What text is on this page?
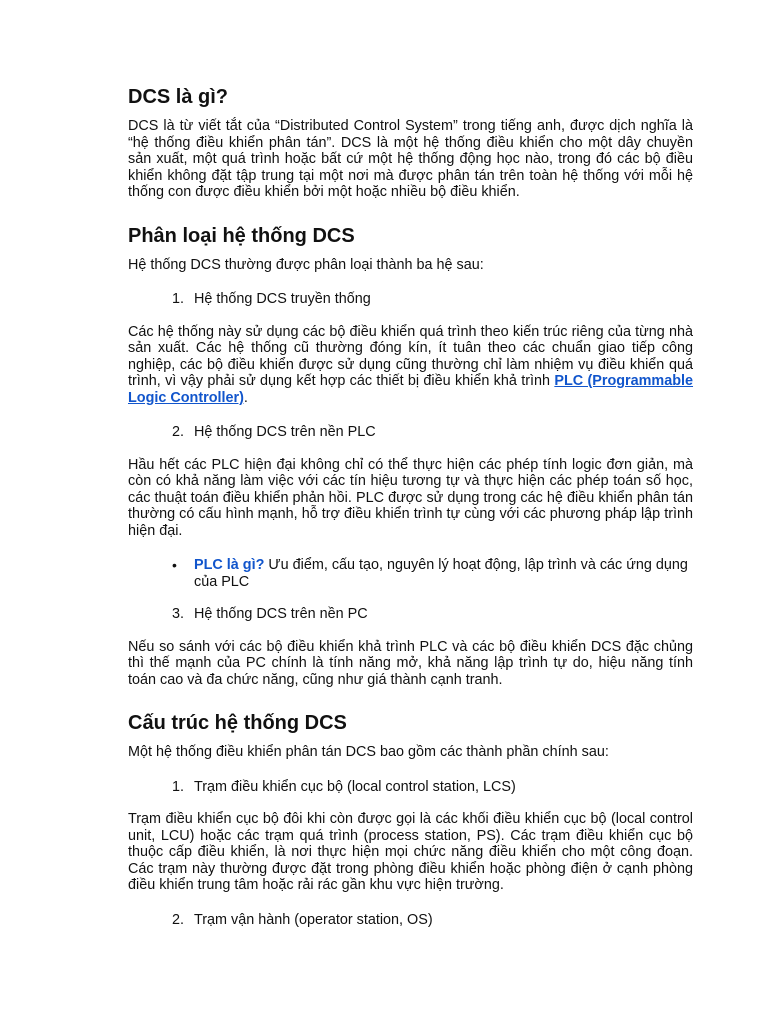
DCS là gì?

DCS là từ viết tắt của “Distributed Control System” trong tiếng anh, được dịch nghĩa là “hệ thống điều khiển phân tán”. DCS là một hệ thống điều khiển cho một dây chuyền sản xuất, một quá trình hoặc bất cứ một hệ thống động học nào, trong đó các bộ điều khiển không đặt tập trung tại một nơi mà được phân tán trên toàn hệ thống với mỗi hệ thống con được điều khiển bởi một hoặc nhiều bộ điều khiển.

Phân loại hệ thống DCS

Hệ thống DCS thường được phân loại thành ba hệ sau:

1. Hệ thống DCS truyền thống

Các hệ thống này sử dụng các bộ điều khiển quá trình theo kiến trúc riêng của từng nhà sản xuất. Các hệ thống cũ thường đóng kín, ít tuân theo các chuẩn giao tiếp công nghiệp, các bộ điều khiển được sử dụng cũng thường chỉ làm nhiệm vụ điều khiển quá trình, vì vậy phải sử dụng kết hợp các thiết bị điều khiển khả trình PLC (Programmable Logic Controller).

2. Hệ thống DCS trên nền PLC

Hầu hết các PLC hiện đại không chỉ có thể thực hiện các phép tính logic đơn giản, mà còn có khả năng làm việc với các tín hiệu tương tự và thực hiện các phép toán số học, các thuật toán điều khiển phản hồi. PLC được sử dụng trong các hệ điều khiển phân tán thường có cấu hình mạnh, hỗ trợ điều khiển trình tự cùng với các phương pháp lập trình hiện đại.

• PLC là gì? Ưu điểm, cấu tạo, nguyên lý hoạt động, lập trình và các ứng dụng của PLC
3. Hệ thống DCS trên nền PC

Nếu so sánh với các bộ điều khiển khả trình PLC và các bộ điều khiển DCS đặc chủng thì thế mạnh của PC chính là tính năng mở, khả năng lập trình tự do, hiệu năng tính toán cao và đa chức năng, cũng như giá thành cạnh tranh.

Cấu trúc hệ thống DCS

Một hệ thống điều khiển phân tán DCS bao gồm các thành phần chính sau:

1. Trạm điều khiển cục bộ (local control station, LCS)

Trạm điều khiển cục bộ đôi khi còn được gọi là các khối điều khiển cục bộ (local control unit, LCU) hoặc các trạm quá trình (process station, PS). Các trạm điều khiển cục bộ thuộc cấp điều khiển, là nơi thực hiện mọi chức năng điều khiển cho một công đoạn. Các trạm này thường được đặt trong phòng điều khiển hoặc phòng điện ở cạnh phòng điều khiển trung tâm hoặc rải rác gần khu vực hiện trường.

2. Trạm vận hành (operator station, OS)
